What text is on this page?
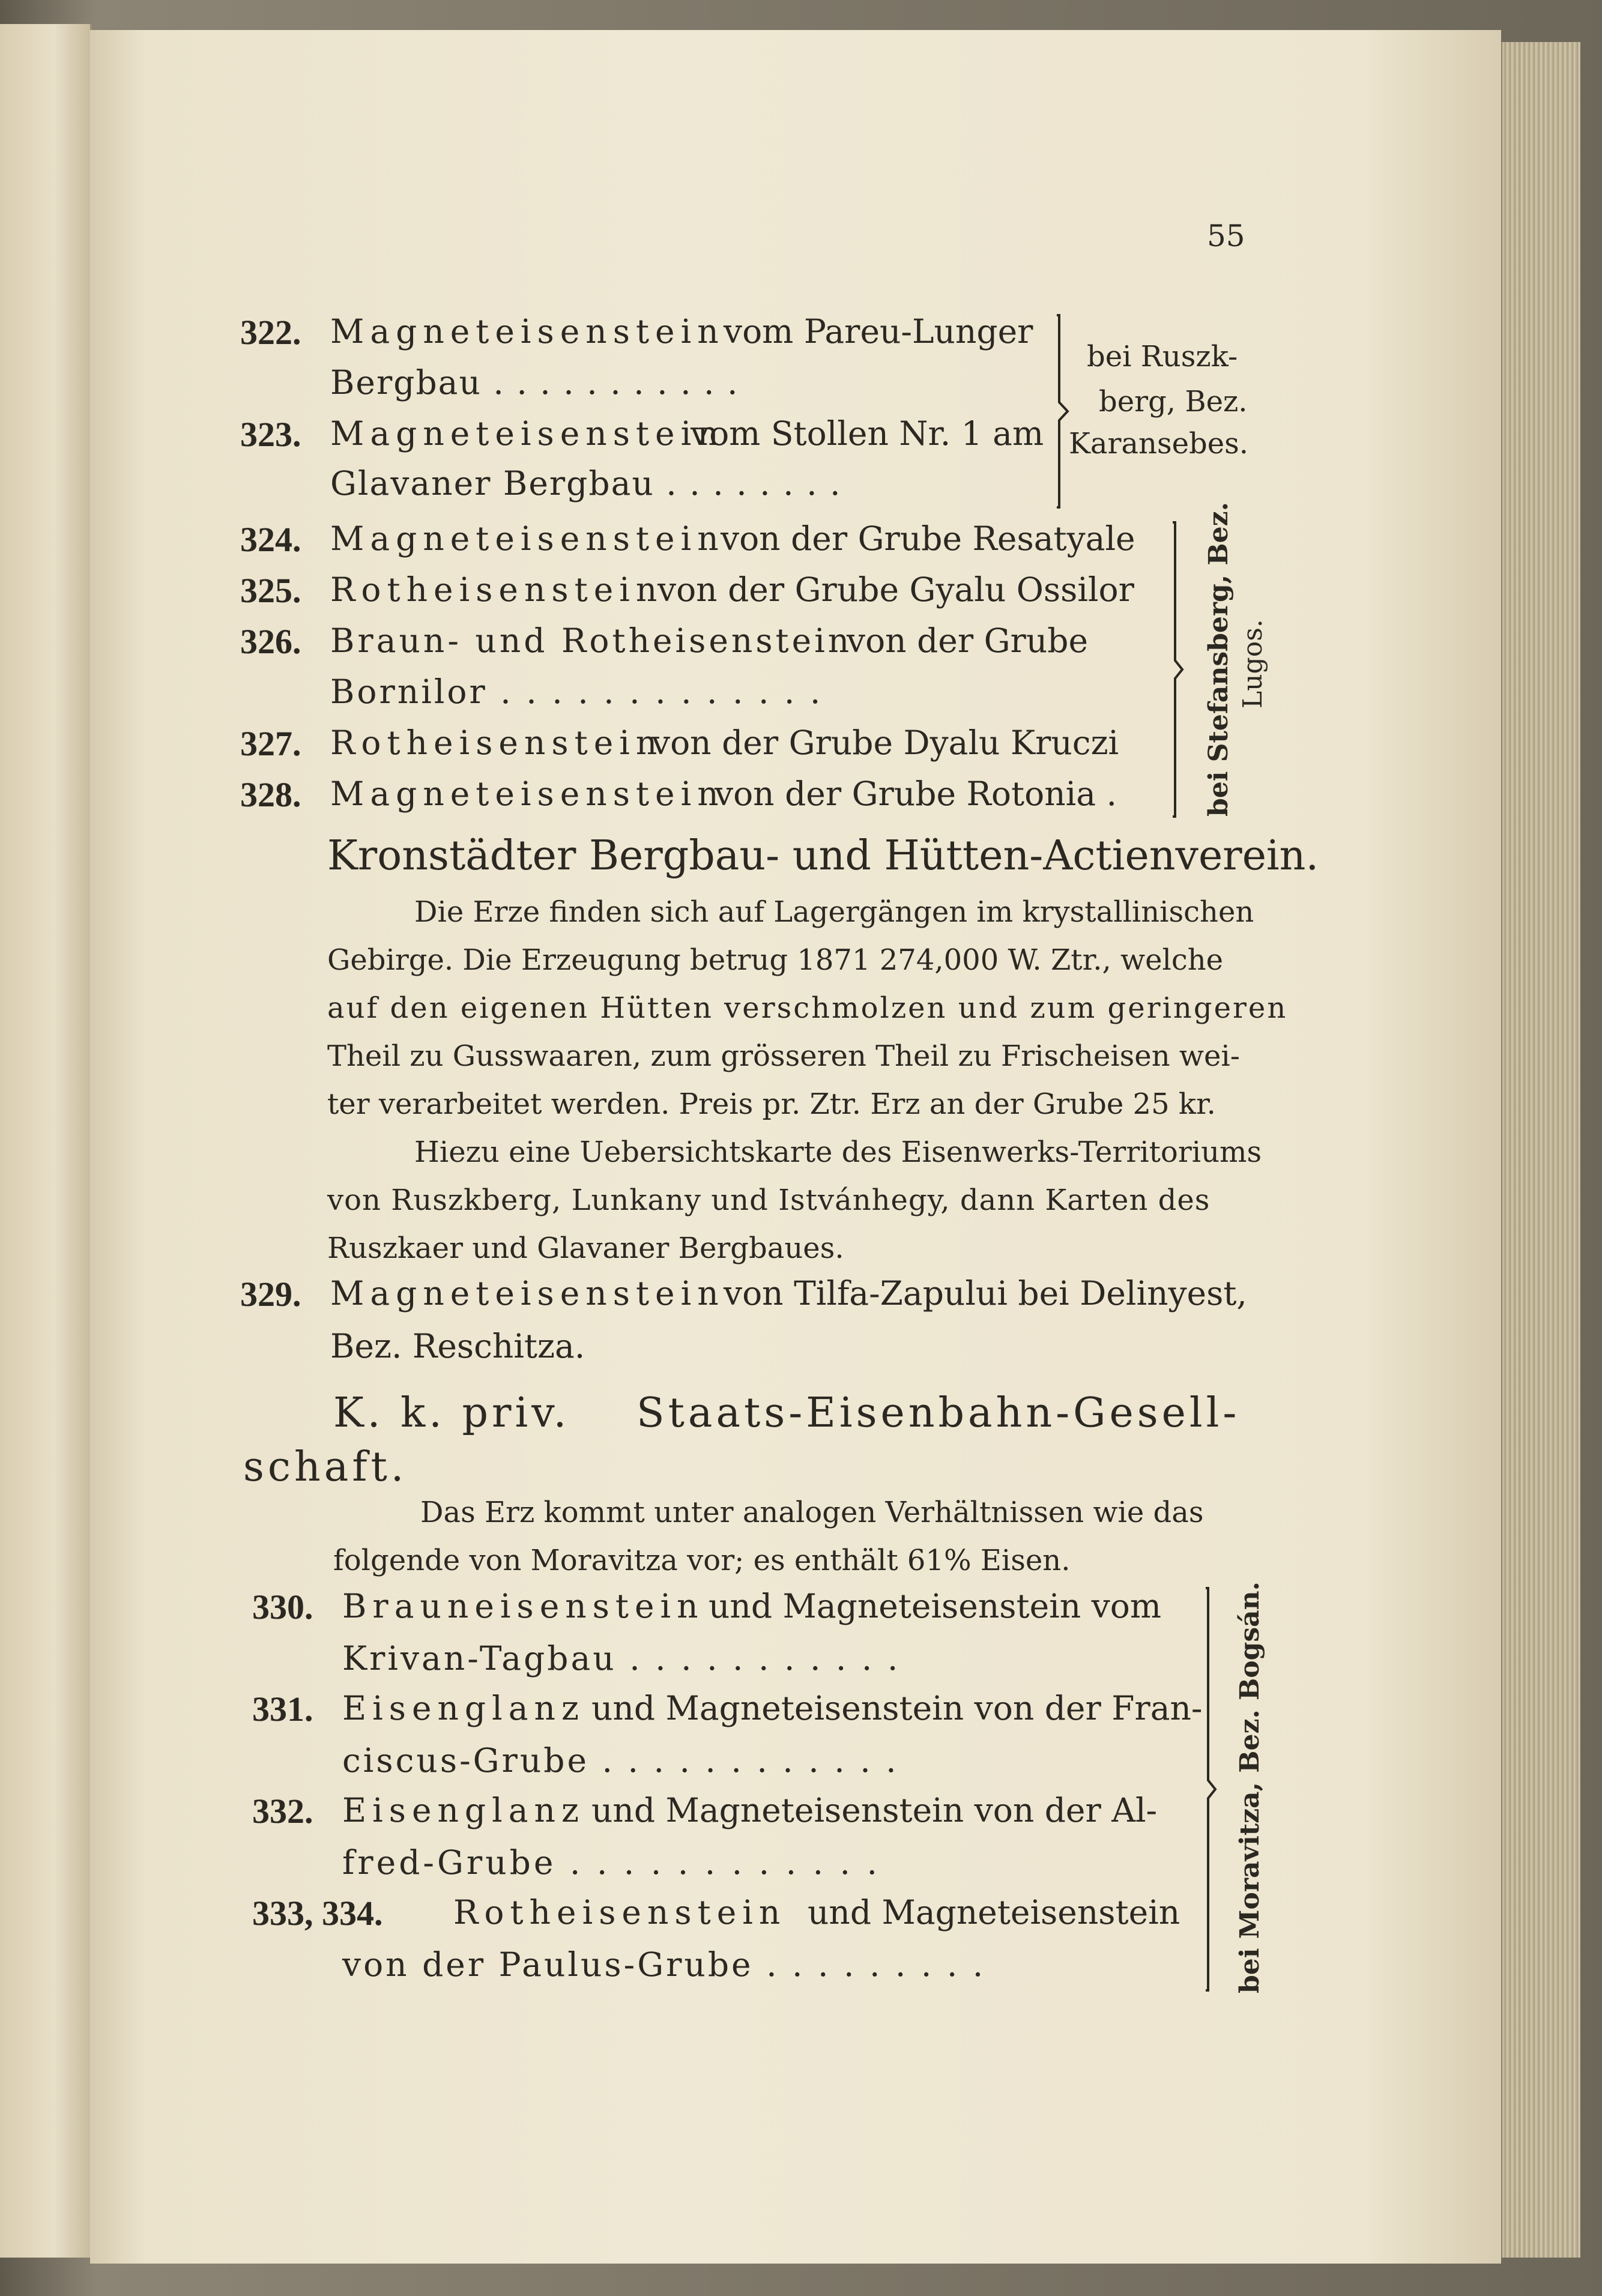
55
322. Magneteisenstein
vom Pareu-Lunger
Bergbau . . . . . . . . . . .
323. Magneteisenstein
vom Stollen Nr. 1 am
Glavaner Bergbau . . . . . . . .
bei Ruszk-
berg, Bez.
Karansebes.
324. Magneteisenstein
von der Grube Resatyale
325. Rotheisenstein
von der Grube Gyalu Ossilor
326. Braun- und Rotheisenstein
von der Grube
Bornilor . . . . . . . . . . . . .
327. Rotheisenstein
von der Grube Dyalu Kruczi
328. Magneteisenstein
von der Grube Rotonia .	bei Stefansberg, Bez. Lugos.
Kronstädter Bergbau- und Hütten-Actienverein.
Die Erze finden sich auf Lagergängen im krystallinischen
Gebirge. Die Erzeugung betrug 1871 274,000 W. Ztr., welche
auf den eigenen Hütten verschmolzen und zum geringeren
Theil zu Gusswaaren, zum grösseren Theil zu Frischeisen wei-
ter verarbeitet werden. Preis pr. Ztr. Erz an der Grube 25 kr.
Hiezu eine Uebersichtskarte des Eisenwerks-Territoriums
von Ruszkberg, Lunkany und Istvánhegy, dann Karten des
Ruszkaer und Glavaner Bergbaues.
329. Magneteisenstein
von Tilfa-Zapului bei Delinyest,
Bez. Reschitza.
K. k. priv. Staats-Eisenbahn-Gesell-
schaft.
Das Erz kommt unter analogen Verhältnissen wie das
folgende von Moravitza vor; es enthält 61% Eisen.
330. Brauneisenstein und Magneteisenstein vom
Krivan-Tagbau . . . . . . . . . . .
331. Eisenglanz und Magneteisenstein von der Fran-
ciscus-Grube . . . . . . . . . . . .
332. Eisenglanz und Magneteisenstein von der Al-
fred-Grube . . . . . . . . . . . .
333, 334. Rotheisenstein und Magneteisenstein
von der Paulus-Grube . . . . . . . . .	bei Moravitza, Bez. Bogsán.
